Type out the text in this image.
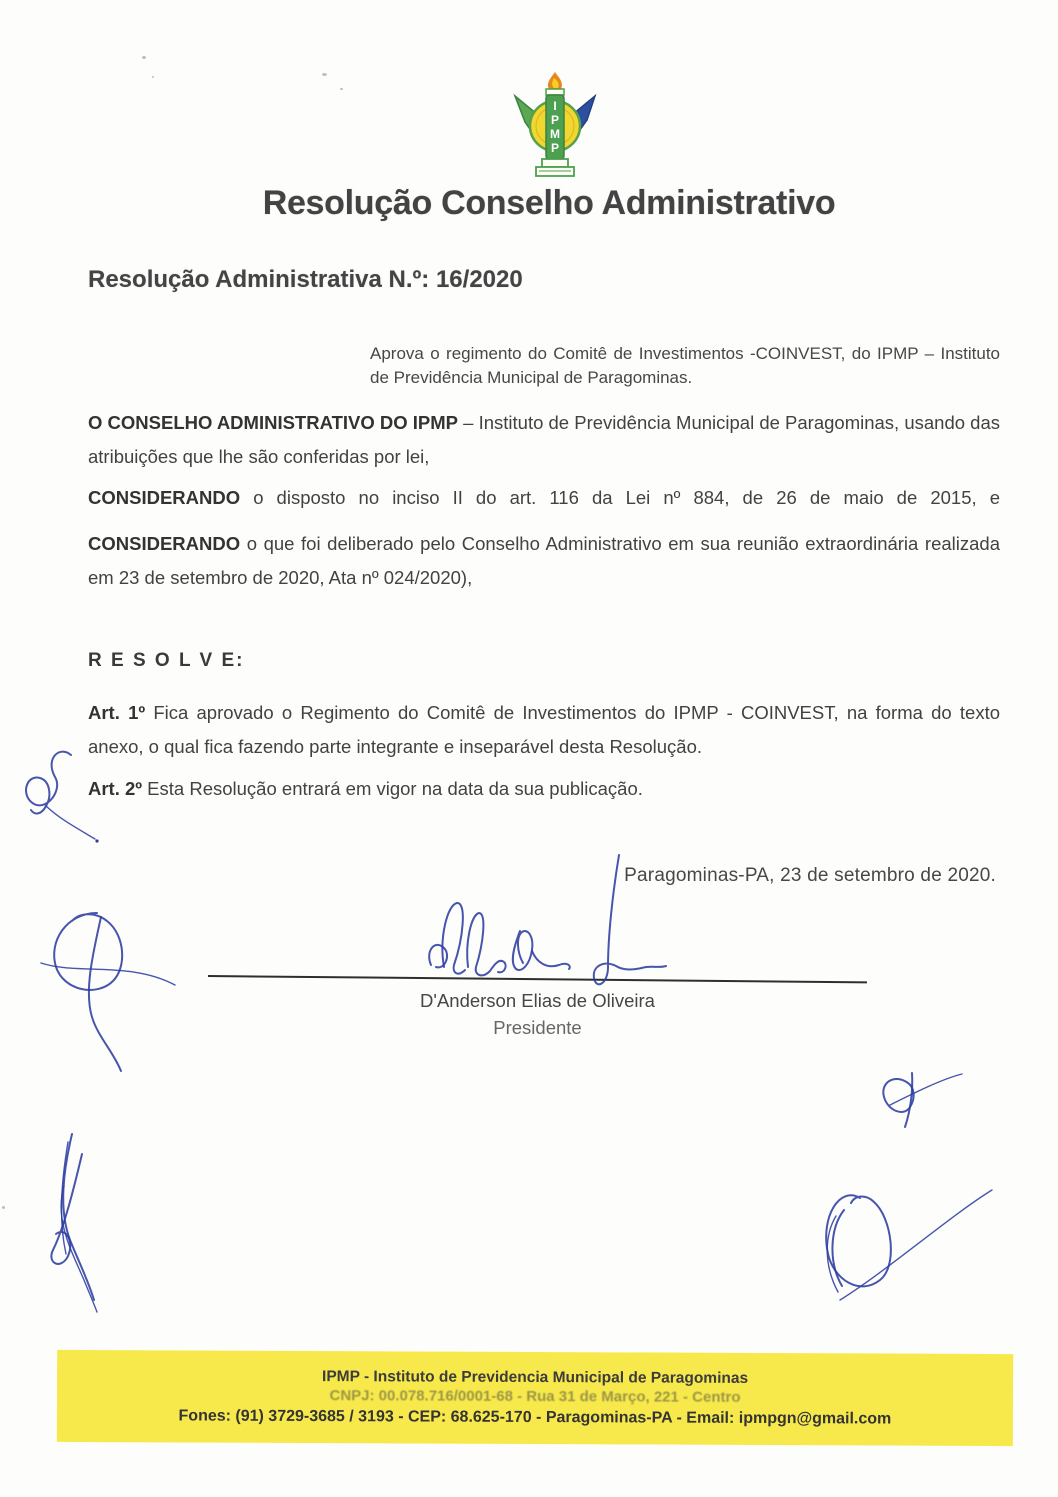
I
P
M
P
Resolução Conselho Administrativo
Resolução Administrativa N.º: 16/2020
Aprova o regimento do Comitê de Investimentos -COINVEST, do IPMP – Instituto de Previdência Municipal de Paragominas.

O CONSELHO ADMINISTRATIVO DO IPMP – Instituto de Previdência Municipal de Paragominas, usando das atribuições que lhe são conferidas por lei,

CONSIDERANDO o disposto no inciso II do art. 116 da Lei nº 884, de 26 de maio de 2015, e

CONSIDERANDO o que foi deliberado pelo Conselho Administrativo em sua reunião extraordinária realizada em 23 de setembro de 2020, Ata nº 024/2020),

R E S O L V E:

Art. 1º Fica aprovado o Regimento do Comitê de Investimentos do IPMP - COINVEST, na forma do texto anexo, o qual fica fazendo parte integrante e inseparável desta Resolução.

Art. 2º Esta Resolução entrará em vigor na data da sua publicação.

Paragominas-PA, 23 de setembro de 2020.
D'Anderson Elias de Oliveira
Presidente
IPMP - Instituto de Previdencia Municipal de Paragominas
CNPJ: 00.078.716/0001-68 - Rua 31 de Março, 221 - Centro
Fones: (91) 3729-3685 / 3193 - CEP: 68.625-170 - Paragominas-PA - Email: ipmpgn@gmail.com
